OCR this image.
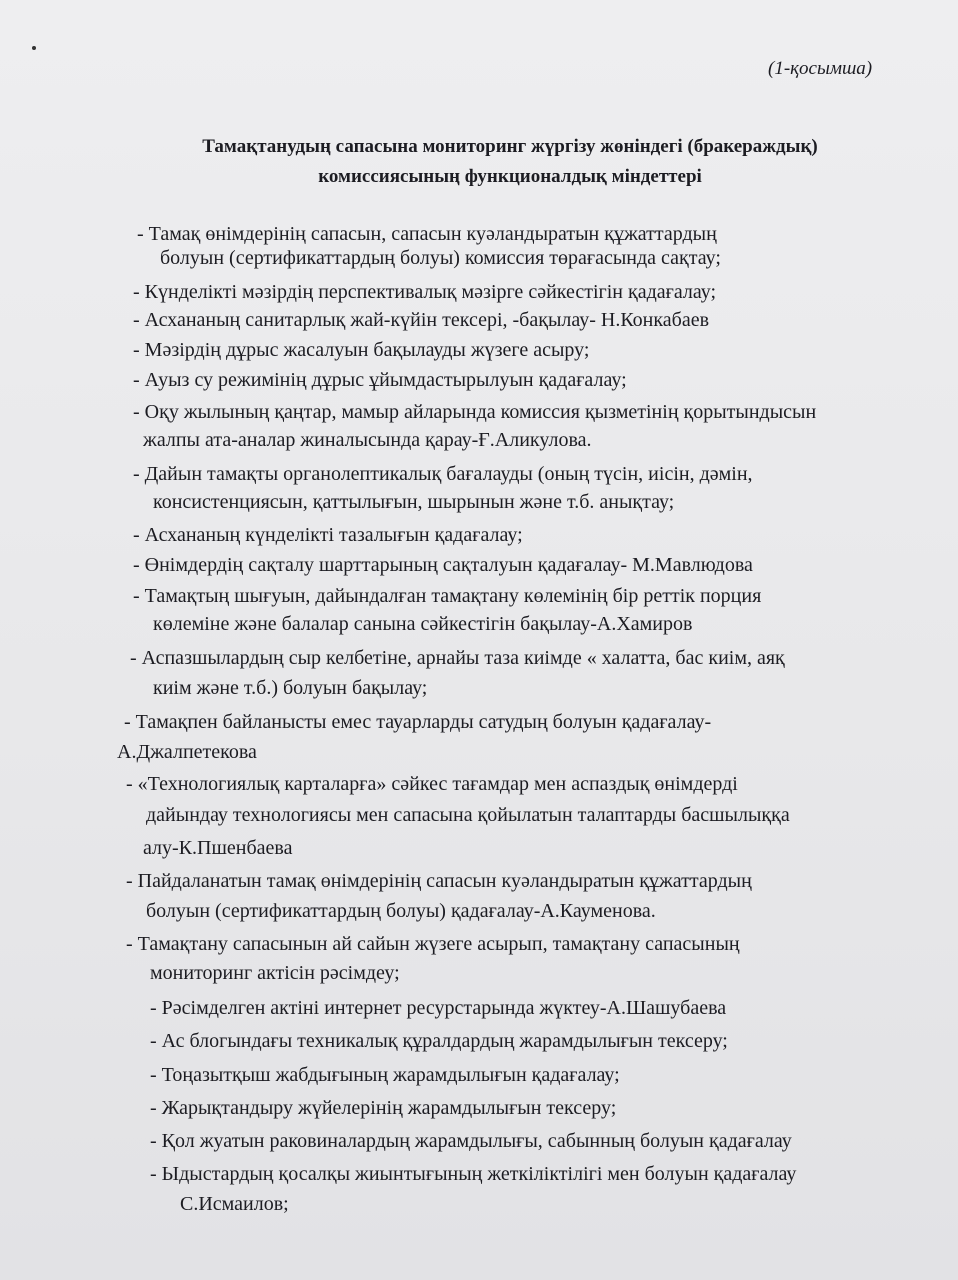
(1-қосымша)
Тамақтанудың сапасына мониторинг жүргізу жөніндегі (бракераждық)
комиссиясының функционалдық міндеттері
- Тамақ өнімдерінің сапасын, сапасын куәландыратын құжаттардың
болуын (сертификаттардың болуы) комиссия төрағасында сақтау;
- Күнделікті мәзірдің перспективалық мәзірге сәйкестігін қадағалау;
- Асхананың санитарлық жай-күйін тексері, -бақылау- Н.Конкабаев
- Мәзірдің дұрыс жасалуын бақылауды жүзеге асыру;
- Ауыз су режимінің дұрыс ұйымдастырылуын қадағалау;
- Оқу жылының қаңтар, мамыр айларында комиссия қызметінің қорытындысын
жалпы ата-аналар жиналысында қарау-Ғ.Аликулова.
- Дайын тамақты органолептикалық бағалауды (оның түсін, иісін, дәмін,
консистенциясын, қаттылығын, шырынын және т.б. анықтау;
- Асхананың күнделікті тазалығын қадағалау;
- Өнімдердің сақталу шарттарының сақталуын қадағалау- М.Мавлюдова
- Тамақтың шығуын, дайындалған тамақтану көлемінің бір реттік порция
көлеміне және балалар санына сәйкестігін бақылау-А.Хамиров
- Аспазшылардың сыр келбетіне, арнайы таза киімде « халатта, бас киім, аяқ
киім және т.б.) болуын бақылау;
- Тамақпен байланысты емес тауарларды сатудың болуын қадағалау-
А.Джалпетекова
- «Технологиялық карталарға» сәйкес тағамдар мен аспаздық өнімдерді
дайындау технологиясы мен сапасына қойылатын талаптарды басшылыққа
алу-К.Пшенбаева
- Пайдаланатын тамақ өнімдерінің сапасын куәландыратын құжаттардың
болуын (сертификаттардың болуы) қадағалау-А.Кауменова.
- Тамақтану сапасынын ай сайын жүзеге асырып, тамақтану сапасының
мониторинг актісін рәсімдеу;
- Рәсімделген актіні интернет ресурстарында жүктеу-А.Шашубаева
- Ас блогындағы техникалық құралдардың жарамдылығын тексеру;
- Тоңазытқыш жабдығының жарамдылығын қадағалау;
- Жарықтандыру жүйелерінің жарамдылығын тексеру;
- Қол жуатын раковиналардың жарамдылығы, сабынның болуын қадағалау
- Ыдыстардың қосалқы жиынтығының жеткіліктілігі мен болуын қадағалау
С.Исмаилов;
